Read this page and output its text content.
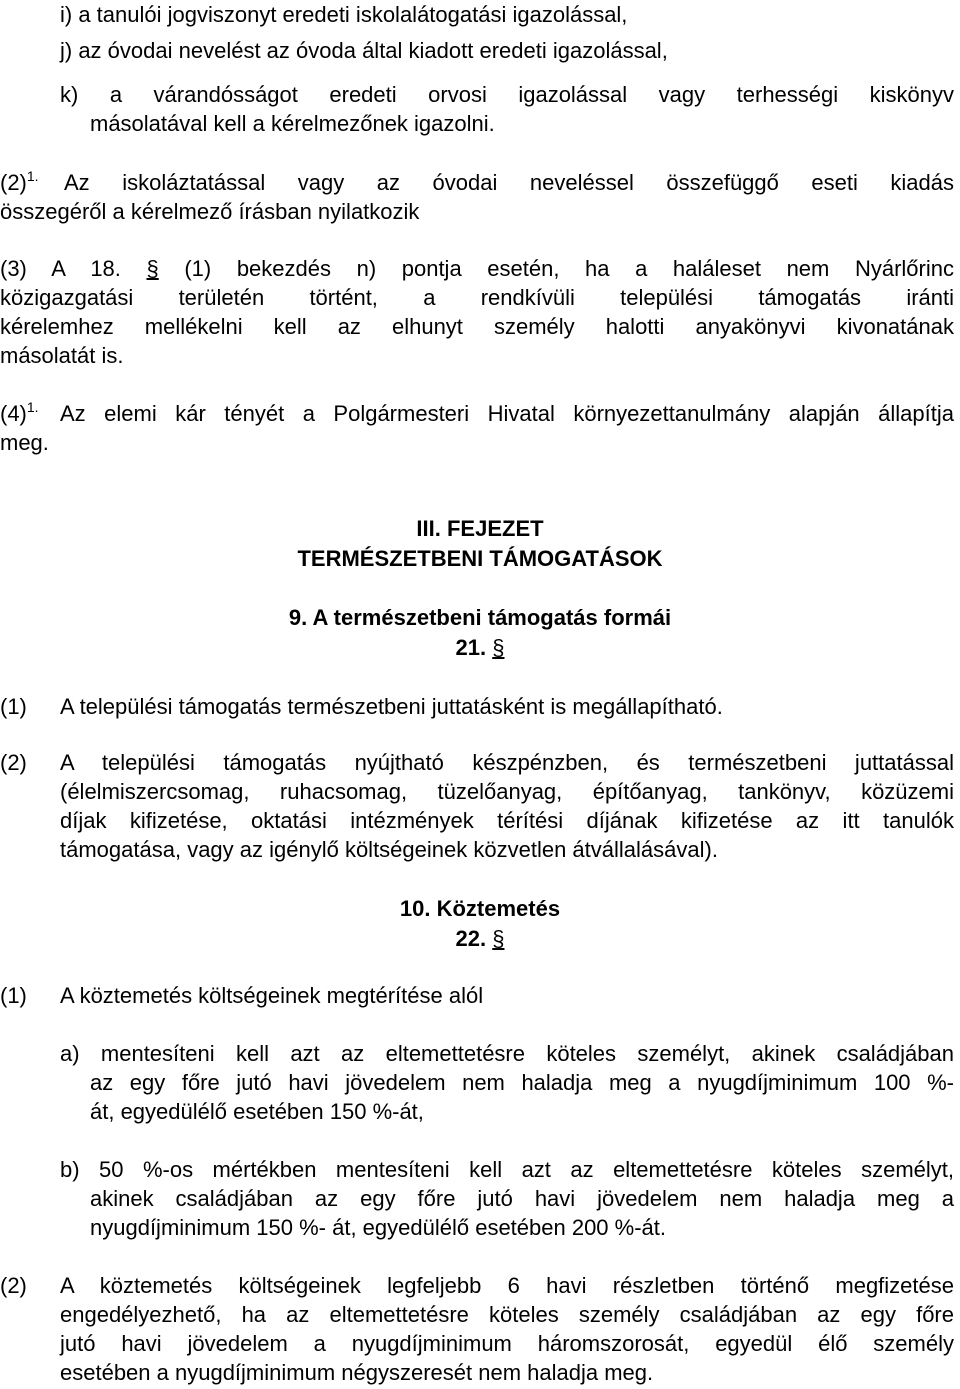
i) a tanulói jogviszonyt eredeti iskolalátogatási igazolással,
j) az óvodai nevelést az óvoda által kiadott eredeti igazolással,
k) a várandósságot eredeti orvosi igazolással vagy terhességi kiskönyv
másolatával kell a kérelmezőnek igazolni.
$(2)^{1.}$ Az iskoláztatással vagy az óvodai neveléssel összefüggő eseti kiadás
összegéről a kérelmező írásban nyilatkozik
(3) A 18. § (1) bekezdés n) pontja esetén, ha a haláleset nem Nyárlőrinc
közigazgatási területén történt, a rendkívüli települési támogatás iránti
kérelemhez mellékelni kell az elhunyt személy halotti anyakönyvi kivonatának
másolatát is.
$(4)^{1.}$ Az elemi kár tényét a Polgármesteri Hivatal környezettanulmány alapján állapítja
meg.
III. FEJEZET
TERMÉSZETBENI TÁMOGATÁSOK
9. A természetbeni támogatás formái
21. §
(1) A települési támogatás természetbeni juttatásként is megállapítható.
(2) A települési támogatás nyújtható készpénzben, és természetbeni juttatással
(élelmiszercsomag, ruhacsomag, tüzelőanyag, építőanyag, tankönyv, közüzemi
díjak kifizetése, oktatási intézmények térítési díjának kifizetése az itt tanulók
támogatása, vagy az igénylő költségeinek közvetlen átvállalásával).
10. Köztemetés
22. §
(1) A köztemetés költségeinek megtérítése alól
a) mentesíteni kell azt az eltemettetésre köteles személyt, akinek családjában
az egy főre jutó havi jövedelem nem haladja meg a nyugdíjminimum 100 %-
át, egyedülélő esetében 150 %-át,
b) 50 %-os mértékben mentesíteni kell azt az eltemettetésre köteles személyt,
akinek családjában az egy főre jutó havi jövedelem nem haladja meg a
nyugdíjminimum 150 %- át, egyedülélő esetében 200 %-át.
(2) A köztemetés költségeinek legfeljebb 6 havi részletben történő megfizetése
engedélyezhető, ha az eltemettetésre köteles személy családjában az egy főre
jutó havi jövedelem a nyugdíjminimum háromszorosát, egyedül élő személy
esetében a nyugdíjminimum négyszeresét nem haladja meg.
